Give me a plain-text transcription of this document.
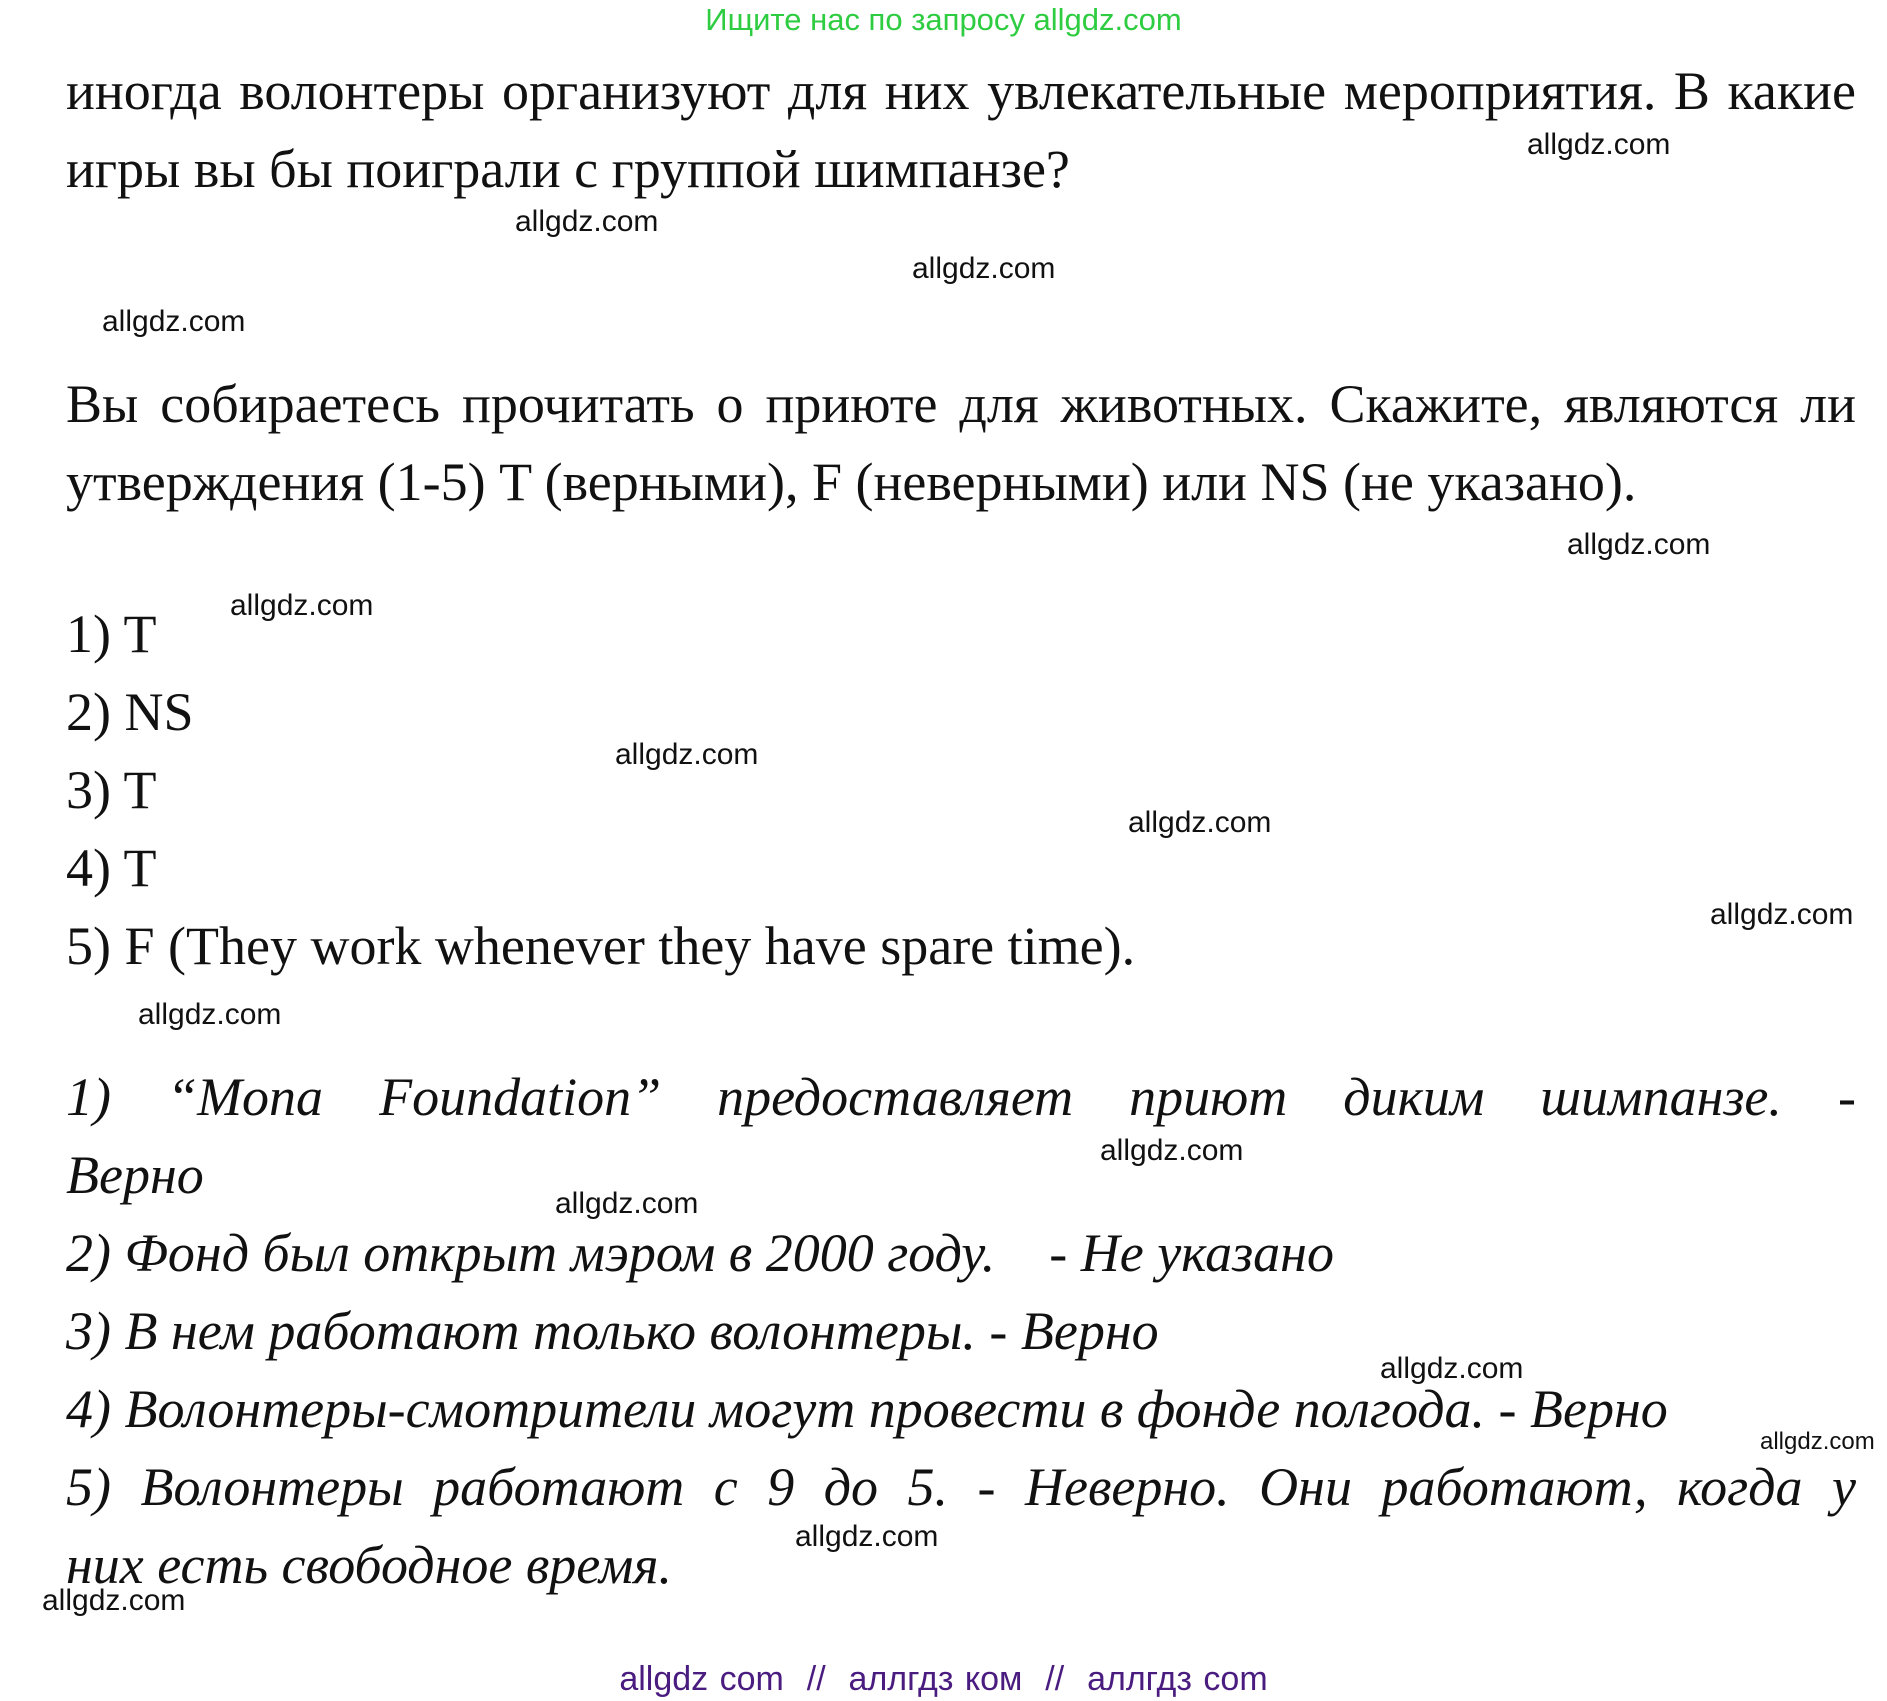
Ищите нас по запросу allgdz.com

иногда волонтеры организуют для них увлекательные мероприятия. В какие игры вы бы поиграли с группой шимпанзе?

Вы собираетесь прочитать о приюте для животных. Скажите, являются ли утверждения (1-5) T (верными), F (неверными) или NS (не указано).

1) T
2) NS
3) T
4) T
5) F (They work whenever they have spare time).
1) “Mona Foundation” предоставляет приют диким шимпанзе. -
Верно
2) Фонд был открыт мэром в 2000 году.    - Не указано
3) В нем работают только волонтеры. - Верно
4) Волонтеры-смотрители могут провести в фонде полгода. - Верно
5) Волонтеры работают с 9 до 5. - Неверно. Они работают, когда у
них есть свободное время.
allgdz.com
allgdz.com
allgdz.com
allgdz.com
allgdz.com
allgdz.com
allgdz.com
allgdz.com
allgdz.com
allgdz.com
allgdz.com
allgdz.com
allgdz.com
allgdz.com
allgdz.com
allgdz.com
allgdz com  //  аллгдз ком  //  аллгдз com
